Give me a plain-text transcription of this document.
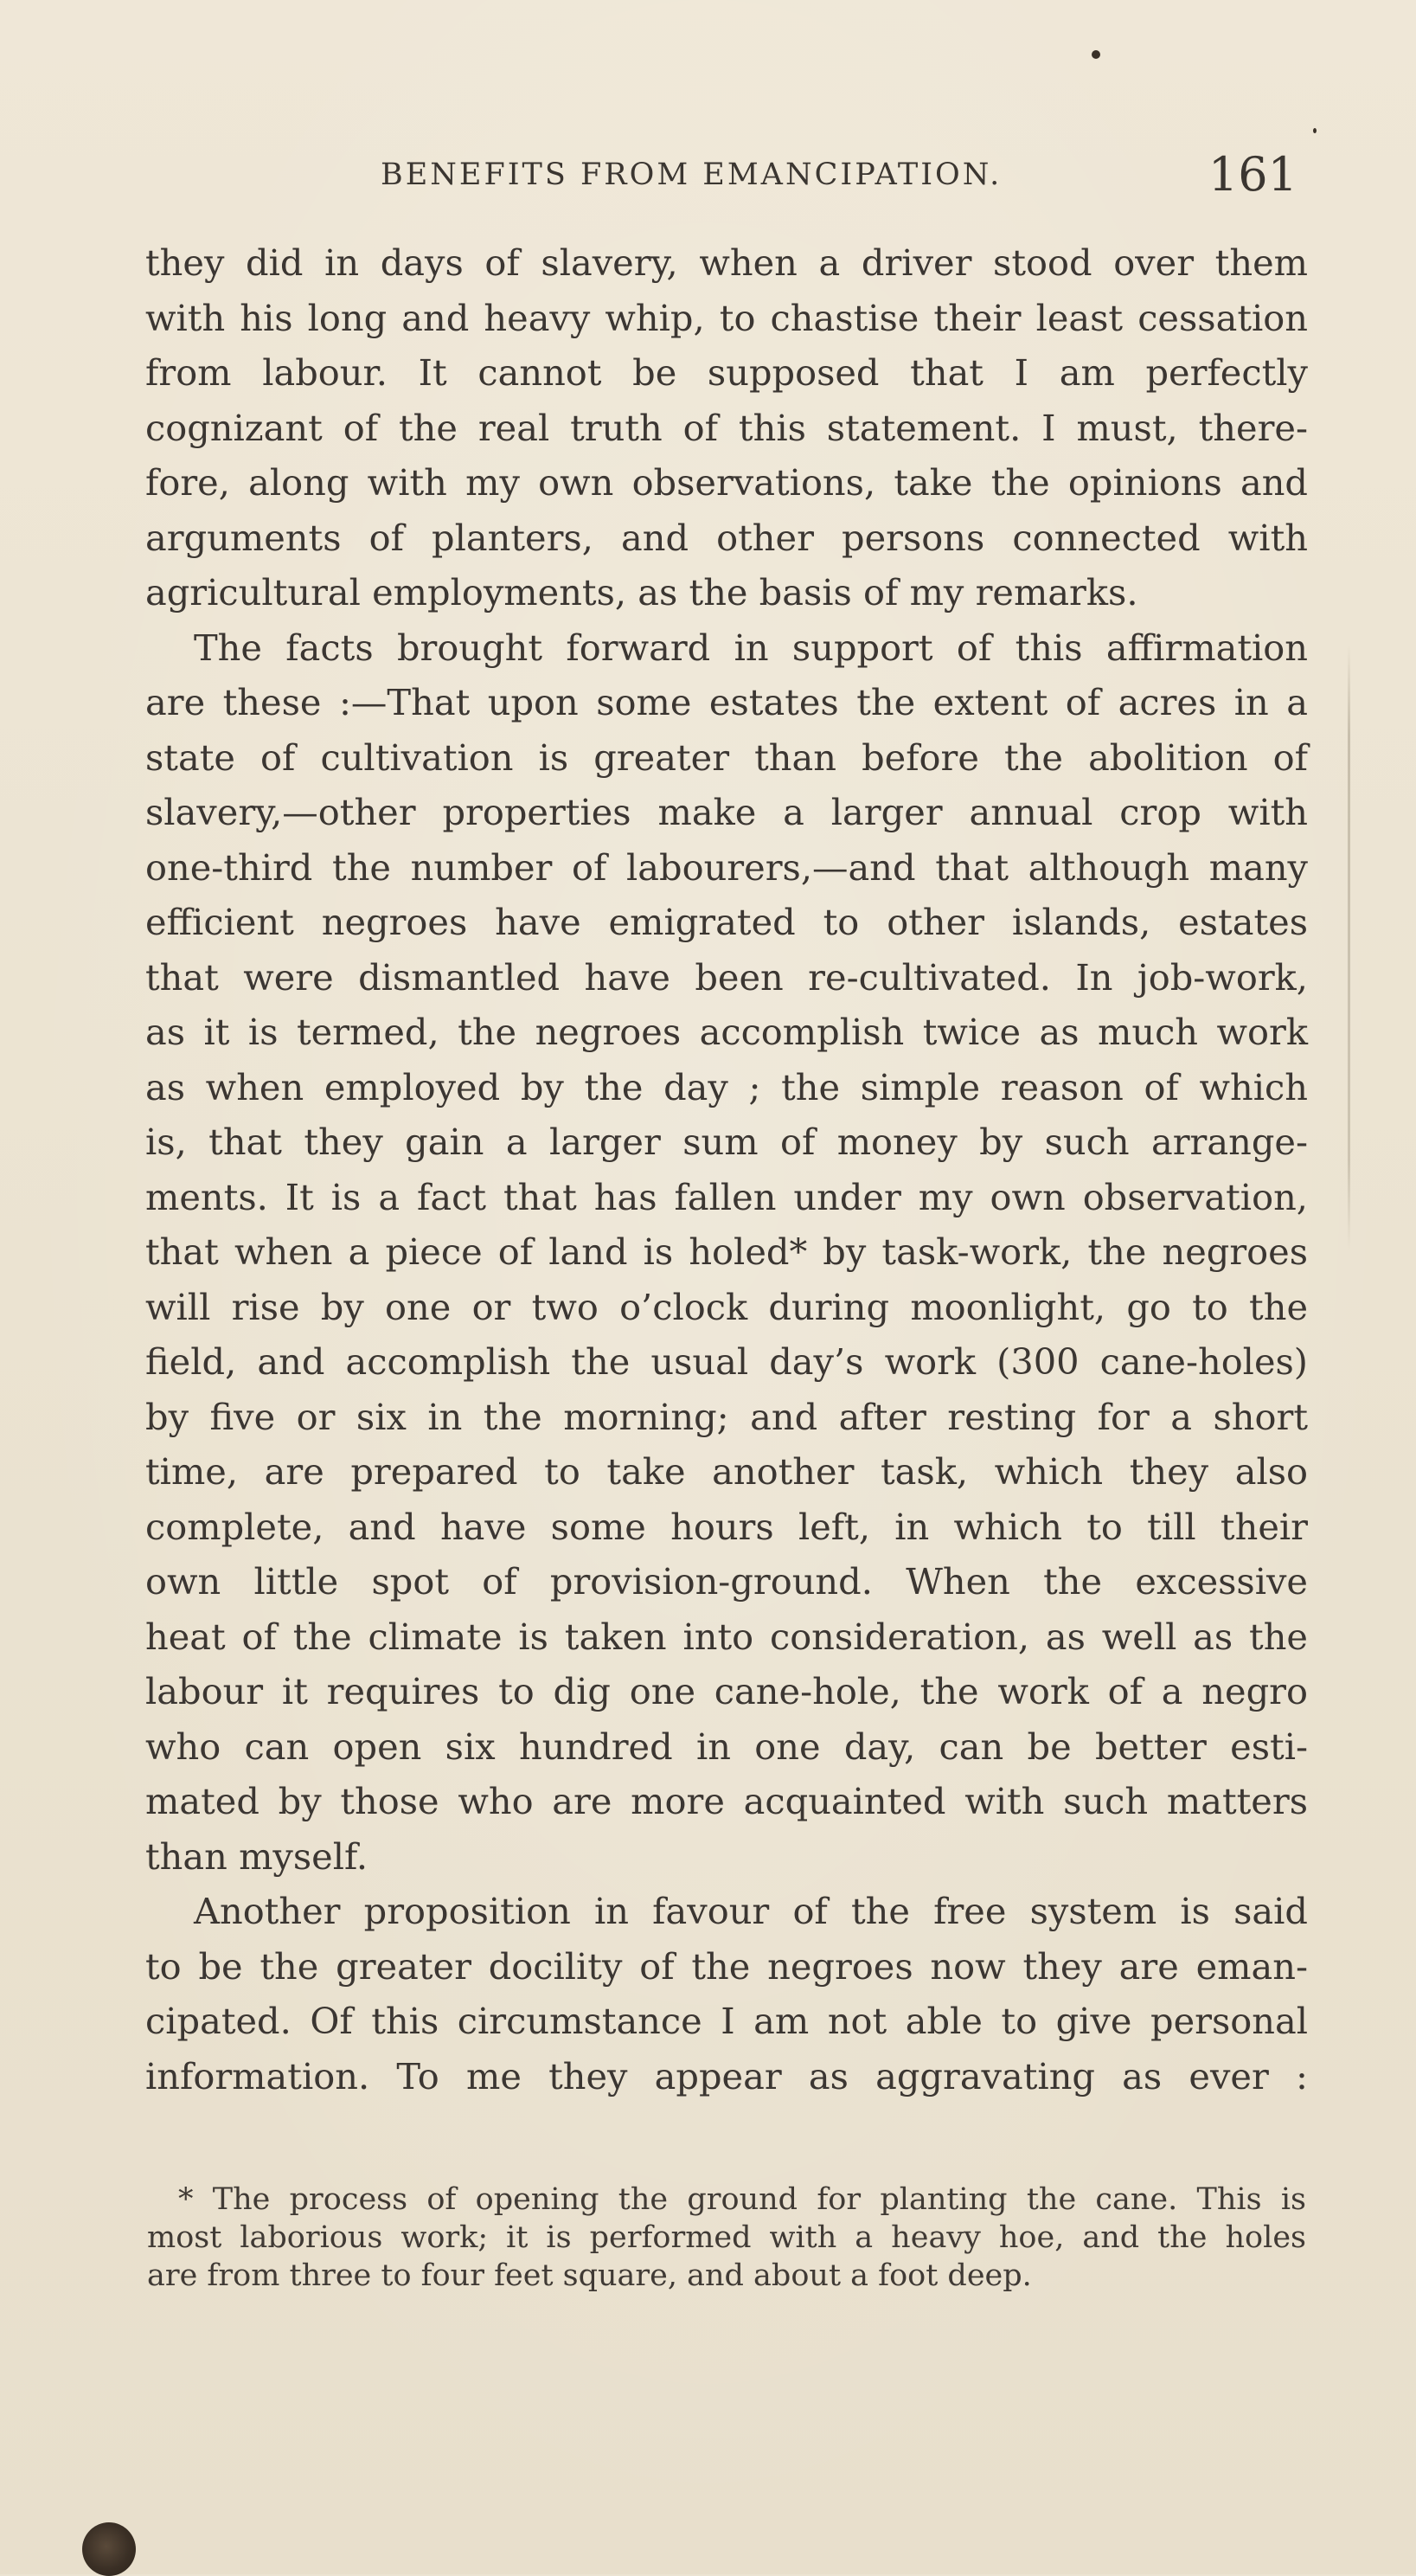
BENEFITS FROM EMANCIPATION.	161
they did in days of slavery, when a driver stood over them
with his long and heavy whip, to chastise their least cessation
from labour. It cannot be supposed that I am perfectly
cognizant of the real truth of this statement. I must, there-
fore, along with my own observations, take the opinions and
arguments of planters, and other persons connected with
agricultural employments, as the basis of my remarks.
The facts brought forward in support of this affirmation
are these :—That upon some estates the extent of acres in a
state of cultivation is greater than before the abolition of
slavery,—other properties make a larger annual crop with
one-third the number of labourers,—and that although many
efficient negroes have emigrated to other islands, estates
that were dismantled have been re-cultivated. In job-work,
as it is termed, the negroes accomplish twice as much work
as when employed by the day ; the simple reason of which
is, that they gain a larger sum of money by such arrange-
ments. It is a fact that has fallen under my own observation,
that when a piece of land is holed* by task-work, the negroes
will rise by one or two o’clock during moonlight, go to the
field, and accomplish the usual day’s work (300 cane-holes)
by five or six in the morning; and after resting for a short
time, are prepared to take another task, which they also
complete, and have some hours left, in which to till their
own little spot of provision-ground. When the excessive
heat of the climate is taken into consideration, as well as the
labour it requires to dig one cane-hole, the work of a negro
who can open six hundred in one day, can be better esti-
mated by those who are more acquainted with such matters
than myself.
Another proposition in favour of the free system is said
to be the greater docility of the negroes now they are eman-
cipated. Of this circumstance I am not able to give personal
information. To me they appear as aggravating as ever :
* The process of opening the ground for planting the cane. This is
most laborious work; it is performed with a heavy hoe, and the holes
are from three to four feet square, and about a foot deep.
